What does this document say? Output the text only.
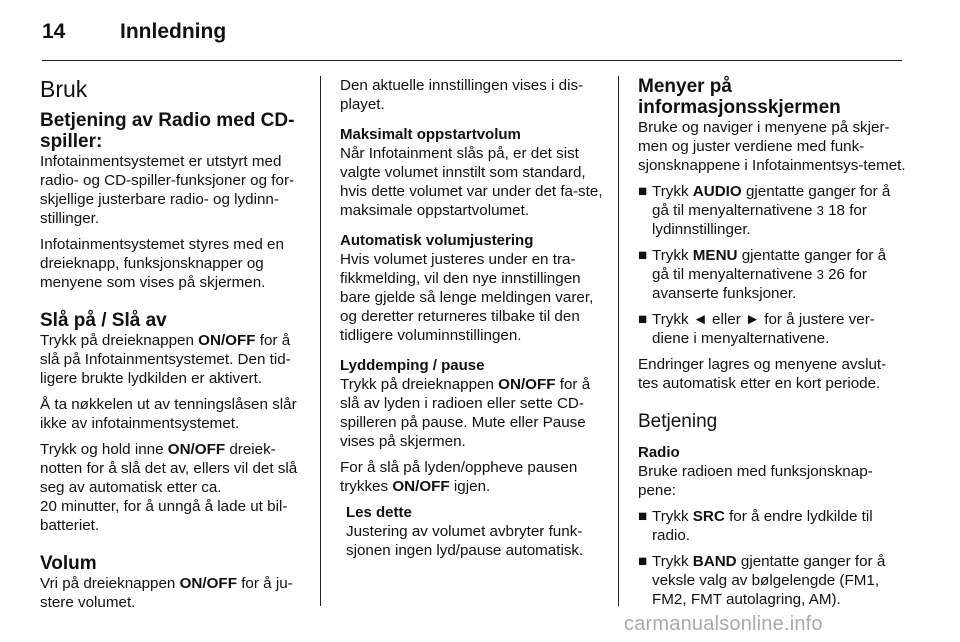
14	Innledning
Bruk
Betjening av Radio med CD-spiller:
Infotainmentsystemet er utstyrt med radio- og CD-spiller-funksjoner og for-skjellige justerbare radio- og lydinn-stillinger.
Infotainmentsystemet styres med en dreieknapp, funksjonsknapper og menyene som vises på skjermen.
Slå på / Slå av
Trykk på dreieknappen ON/OFF for å slå på Infotainmentsystemet. Den tid-ligere brukte lydkilden er aktivert.
Å ta nøkkelen ut av tenningslåsen slår ikke av infotainmentsystemet.
Trykk og hold inne ON/OFF dreiek-notten for å slå det av, ellers vil det slå seg av automatisk etter ca.
20 minutter, for å unngå å lade ut bil-batteriet.
Volum
Vri på dreieknappen ON/OFF for å ju-stere volumet.
Den aktuelle innstillingen vises i dis-playet.
Maksimalt oppstartvolum
Når Infotainment slås på, er det sist valgte volumet innstilt som standard, hvis dette volumet var under det fa-ste, maksimale oppstartvolumet.
Automatisk volumjustering
Hvis volumet justeres under en tra-fikkmelding, vil den nye innstillingen bare gjelde så lenge meldingen varer, og deretter returneres tilbake til den tidligere voluminnstillingen.
Lyddemping / pause
Trykk på dreieknappen ON/OFF for å slå av lyden i radioen eller sette CD-spilleren på pause. Mute eller Pause vises på skjermen.
For å slå på lyden/oppheve pausen trykkes ON/OFF igjen.
Les dette
Justering av volumet avbryter funk-sjonen ingen lyd/pause automatisk.
Menyer på informasjonsskjermen
Bruke og naviger i menyene på skjer-men og juster verdiene med funk-sjonsknappene i Infotainmentsys-temet.
■ Trykk AUDIO gjentatte ganger for å gå til menyalternativene 3 18 for lydinnstillinger.
■ Trykk MENU gjentatte ganger for å gå til menyalternativene 3 26 for avanserte funksjoner.
■ Trykk ◄ eller ► for å justere ver-diene i menyalternativene.
Endringer lagres og menyene avslut-tes automatisk etter en kort periode.
Betjening
Radio
Bruke radioen med funksjonsknap-pene:
■ Trykk SRC for å endre lydkilde til radio.
■ Trykk BAND gjentatte ganger for å veksle valg av bølgelengde (FM1, FM2, FMT autolagring, AM).
carmanualsonline.info
